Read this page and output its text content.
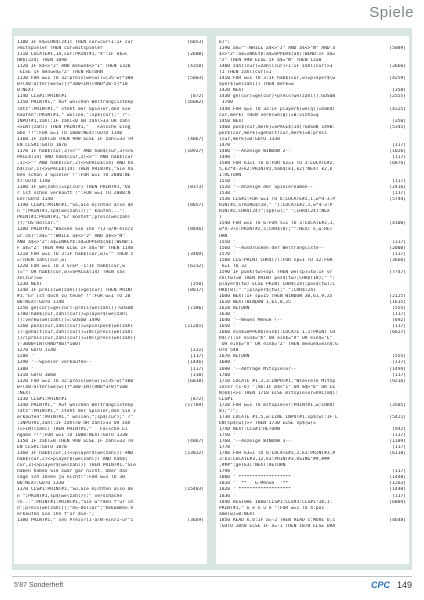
Spiele
1100 IF k$=CHR$(241) THEN cur=cur+1:IF cur	[6053]
>mitspieler THEN cur=mitspieler
1110 LOCATE#1,14,cur:PRINT#1,"X":IF k$=C	[2600]
HR$(224) THEN 1090
1120 IF k$<>"J" AND menue$<>"I" THEN 1320	[4358]
ELSE IF menue$="Z" THEN RETURN
1130 FOR w=1 TO 32:preis(we(w))=(35-w)*300	[5003]
0+(40-alter(we(w)))*300+INT(RND*20-5)*10
0:NEXT
1140 CLS#1:PRINT#1	[872]
1150 PRINT#1," Auf welchen Weltranglistenp	[16002]
latz":PRINT#1," steht der Spieler,den Sie
kaufen":PRINT#1," wollen,";sp$(cur);" ?":
INPUT#1,zahl:IF zahl<0 OR zahl>33 OR zahl
<>INT(zahl) THEN PRINT#1,"   Falsche Eing
abe !!":FOR w=1 TO 1000:NEXT:GOTO 1140
1160 IF zahl=0 THEN 990 ELSE IF zahl=33 TH	[4067]
EN CLS#1:GOTO 1070
1170 IF hab$(cur,3)<>"" AND hab$(cur,3)<>S	[10927]
PACE$(14) AND hab$(cur,2)<>"" AND hab$(cur
,1)<>"" AND hab$(cur,2)<>SPACE$(14) AND ha
b$(cur,1)<>SPACE$(14) THEN PRINT#1,"Sie ha
ben schon 3 Spieler !":FOR w=1 TO 2000:NE
XT:GOTO 1140
1180 IF we(zahl)=sp(cur) THEN PRINT#1,"Da	[8373]
r ist schon verkauft !":FOR w=1 TO 2000:N
EXT:GOTO 1140
1190 CLS#1:PRINT#1,"So,Sie m|chten also de	[8057]
n ";PRINT#1,sp$(we(zahl));" kaufen...":
PRINT#1:PRINT#1,"Er kostet";preis(we(zahl
));"US-Dollar."
1200 PRINT#1,"Wassen Sie ihn ?(J-a/N-ein/Z	[8046]
ur.ck)":a$="":WHILE a$<>"J" AND a$<>"N"
AND a$<>"Z":a$=INKEY$:a$=UPPER$(a$):WEND:I
F a$="Z" THEN 990 ELSE IF a$="N" THEN 1140
1210 FOR w=1 TO 3:IF hab$(cur,w)="" THEN z	[3409]
=:THEN zahl(cur,w)
1220 FOR w=1 TO 3 STEP -1:IF hab$(cur,w	[6232]
)="" OR hab$(cur,w)=SPACE$(14) THEN sas
ze(cur)=w
1230 NEXT	[350]
1240 IF preis(we(zahl))>ge(cur) THEN PRINT	[8017]
#1,"Er ist doch zu teuer !":FOR w=1 TO 20
00:NEXT:GOTO 1140
1250 ge(cur)=ge(cur)-preis(we(zahl)):GOSUB	[7386]
1780:hab$(cur,zahl(cur))=player$(we(zahl
)):verkw(we(zahl))=:GOSUB 1490
1260 pos$(cur,zahl(cur))=spielpos$(we(zahl	[11201]
)):gehalt(cur,zahl(cur))=INT(preis(we(zahl
))/(preis(cur,zahl(cur))=INT(preis(we(zahl)
)-3000+INT(RND*80)*100)
1270 GOTO 1140	[311]
1280 '	[117]
1290 '--Spieler verkaufen--	[1446]
1300 '	[117]
1310 GOTO 1060	[310]
1320 FOR w=1 TO 32:preis(we(w))=(35-w)*300	[6038]
0+(40-alter(we(w)))*300-INT(RND*3+8)*100
:NEXT
1330 CLS#1:PRINT#1	[872]
1340 PRINT#1," Auf welchen Weltranglistenp	[17789]
latz":PRINT#1," steht der Spieler,den Sie v
erkaufen":PRINT#1," wollen,";sp$(cur);" ?"
:INPUT#1,zahl:IF zahl<0 OR zahl>33 OR zah
l<>INT(zahl) THEN PRINT#1,"   Falsche Ei
ngabe !!":FOR w=1 TO 1000:NEXT:GOTO 1330
1350 IF zahl=0 THEN 990 ELSE IF zahl=33 TH	[4067]
EN CLS#1:GOTO 1070
1360 IF hab$(cur,1)<>player$(we(zahl)) AND	[13032]
hab$(cur,2)<>player$(we(zahl)) AND hab$(
cur,3)<>player$(we(zahl)) THEN PRINT#1,"Sie
haben haben Sie zwar gar nicht. aber das
sage ich Ihnen ja nicht!":FOR w=1 TO 30
00:NEXT:GOTO 1330
1370 CLS#1:PRINT#1,"So,Sie m|chten also de	[15403]
n ";PRINT#1,sp$(we(zahl));" verschache
rn...":PRINT#1:PRINT#1,"Sie w"rden f"ur ih
n";preis(we(zahl));"US-Dollar";"bekommen.V
erkaufen Sie ihn f"ur die-";
1380 PRINT#1," sen Preis?(J-a/N-ein/Z-ur"c	[3669]
k)";
1390 a$="":WHILE a$<>"J" AND a$<>"N" AND a	[5089]
$<>"Z":a$=INKEY$:a$=UPPER$(a$):WEND:IF a$=
"Z" THEN 990 ELSE IF a$="N" THEN 1330
1400 zahl(cur)=zahl(cur)+1:IF zahl(cur)>3	[2666]
(1 THEN zahl(cur)=1
1410 FOR w=1 TO 3:IF hab$(cur,w)=player$(w	[4259]
ayer$(we(zahl)) THEN merk=w
1420 NEXT	[350]
1430 ge(cur)=ge(cur)+preis(we(zahl)):GOSUB	[2555]
1780
1440 FOR q=1 TO 32:IF player$(we(q))=hab$(	[4225]
cur,merk) THEN verk(we(q))=0:vinto=q
1450 NEXT	[350]
1460 pos$(cur,merk)=SPACE$(14):GOSUB 1490:	[5345]
pos$(cur,merk)=gehalt(cur,merk)=0:preis
(cur,merk)=0:GOTO 1330
1470 '	[117]
1480 '--Anzeige WINDOW 2--	[1026]
1490 '	[117]
1500 FOR k1=1 TO 6:FOR k2=1 TO 3:LOCATE#2,	[6876]
5,k2*4-3+k2:PRINT#2,hab$(k1,k2):NEXT k2,k
1:RETURN
1510 '	[117]
1520 '--Anzeige der Spielernamen--	[2416]
1530 '	[117]
1530 CLS#2:FOR w=1 TO 6:LOCATE#2,1,w*4-3:P	[5744]
RINT#2,STRING$(18," "):LOCATE#2,1,w*4-3:P
RINT#2,CHR$(24)";sp$(w);" ";CHR$(24):NEX
T
1540 FOR w=1 TO 6:FOR s=1 TO 3:LOCATE#2,1,	[4100]
w*4-3+s:PRINT#2,s;CHR$(8);"":NEXT s,w:RET
URN
1550 '	[117]
1560 '--Ausdrucken der Weltrangliste--	[2008]
1570 '	[117]
1580 CLS:PRINT CHR$(7):FOR sp=1 TO 32:FOR	[3666]
k=1 TO 32
1590 IF punk(tw)<spl THEN we(sp)=tw:IF vr	[7747]
ck(tw)=0 THEN PRINT pos$(tw);CHR$(18);" ":
player$(tw) ELSE PRINT CHR$(24);pos$(tw);C
HR$(8);" ";player$(tw);" ";CHR$(24)
1600 NEXT:IF sp=15 THEN WINDOW 30,61,9,25	[2125]
1610 NEXT:WINDOW 1,61,8,25	[1615]
1620 RETURN	[555]
1630 '	[117]
1640 '--Neues Menue !--	[692]
1650 '	[117]
1660 ein$=UPPER$(ein$):LOCATE 1,1:PRINT CH	[6627]
R$(7):IF ein$="K" OR ein$="V" OR ein$="E"
OR ein$="V" OR ein$="Z" THEN menue$=ein$:G
OTO 540
1670 RETURN	[555]
1680 '	[117]
1690 '--Abfrage Mitspieler--	[1494]
1700 '	[117]
1710 LOCATE #1,3,3:INPUT#1,"Wieviele Mitsp	[9216]
ieler (1-6) ";m$:IF m$<"1" OR m$>"6" OR LE
N(m$)<>1 THEN 1710 ELSE mitspieler=VAL(m$):
CLS#1
1720 FOR w=1 TO mitspieler:PRINT#1,w;CHR$(	[3585]
8);":";
1730 LOCATE #1,5,w:LINE INPUT#1,sp$(w):IF L	[5421]
EN(sp$(w))>7 THEN 1730 ELSE sp$(w)=
1740 NEXT:CLS#1:RETURN	[942]
1750 '	[117]
1760 '--Anzeige WINDOW 3--	[1189]
1770 '	[117]
1780 FOR k3=1 TO 6:LOCATE#3,2,k3:PRINT#3,#	[6110]
3:k3:LOCATE#3,12,k3:PRINT#3,USING"##,###
,###";ge(k3):NEXT:RETURN
1790 '	[117]
1800 ' *******************	[1440]
1810 '  **   G-Menue   **	[1263]
1820 ' *******************	[1440]
1830 '	[117]
1840 RESTORE 1860:CLS#1:CLS#3:CLS#1:10,1:	[6004]
PRINT#1," G e n u e ":FOR w=1 TO 4:pos
ame(w)=0:NEXT
1850 READ k,b:IF a=-2 THEN READ c:MOVE b,c	[4648]
:GOTO 1850 ELSE IF a=-1 THEN 1870 ELSE DRA
5'87 Sonderheft	CPC 149
